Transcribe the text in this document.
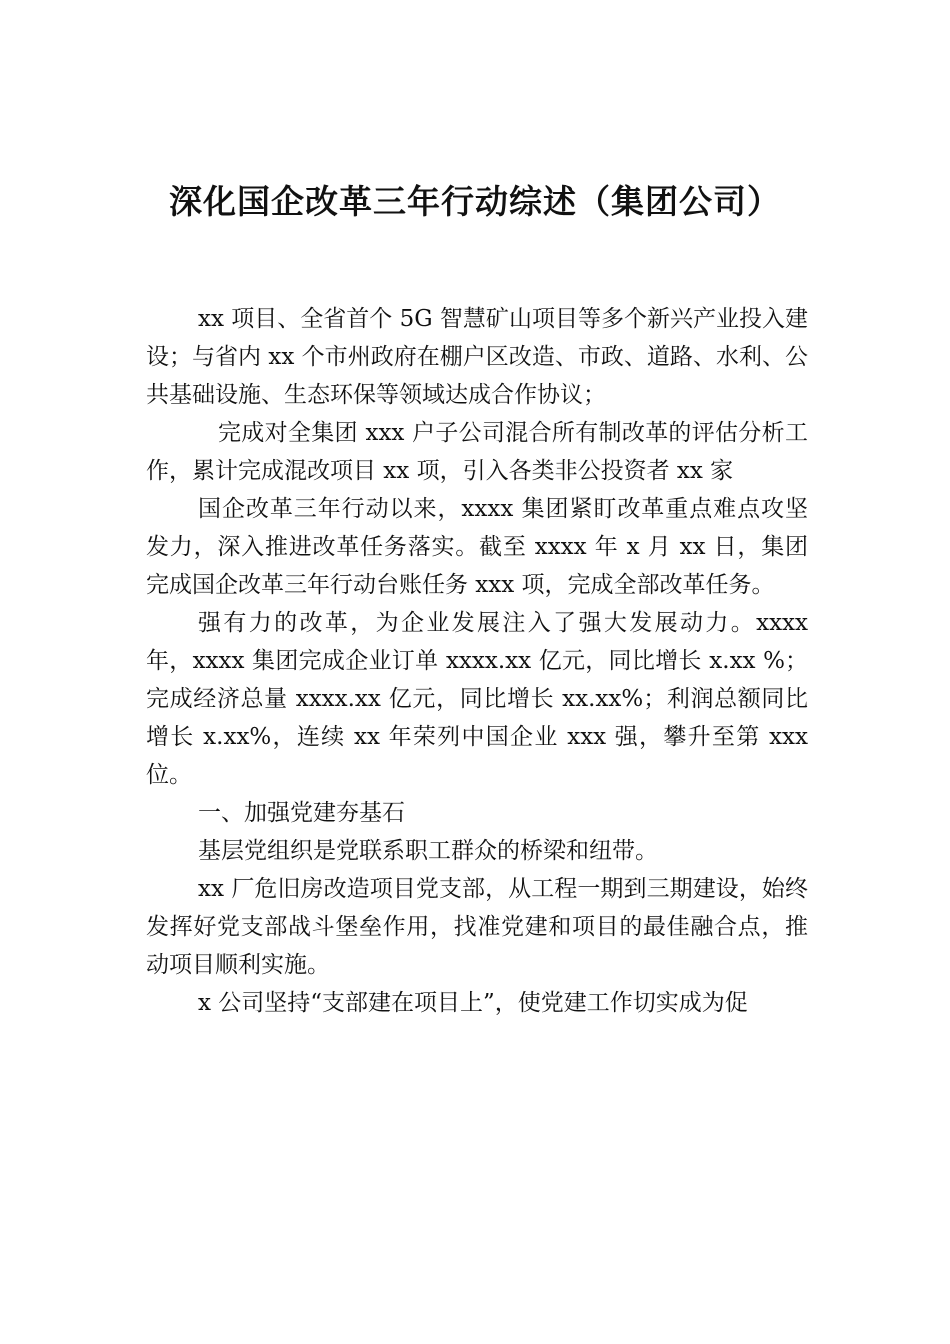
深化国企改革三年行动综述（集团公司）

xx 项目、全省首个 5G 智慧矿山项目等多个新兴产业投入建设；与省内 xx 个市州政府在棚户区改造、市政、道路、水利、公共基础设施、生态环保等领域达成合作协议；

完成对全集团 xxx 户子公司混合所有制改革的评估分析工作，累计完成混改项目 xx 项，引入各类非公投资者 xx 家

国企改革三年行动以来，xxxx 集团紧盯改革重点难点攻坚发力，深入推进改革任务落实。截至 xxxx 年 x 月 xx 日，集团完成国企改革三年行动台账任务 xxx 项，完成全部改革任务。

强有力的改革，为企业发展注入了强大发展动力。xxxx 年，xxxx 集团完成企业订单 xxxx.xx 亿元，同比增长 x.xx %；完成经济总量 xxxx.xx 亿元，同比增长 xx.xx%；利润总额同比增长 x.xx%，连续 xx 年荣列中国企业 xxx 强，攀升至第 xxx 位。

一、加强党建夯基石

基层党组织是党联系职工群众的桥梁和纽带。

xx 厂危旧房改造项目党支部，从工程一期到三期建设，始终发挥好党支部战斗堡垒作用，找准党建和项目的最佳融合点，推动项目顺利实施。

x 公司坚持“支部建在项目上”，使党建工作切实成为促
